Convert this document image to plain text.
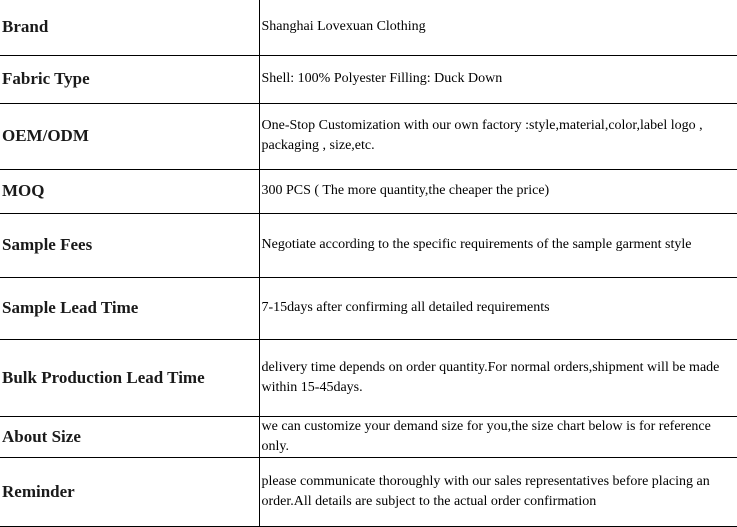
Brand	Shanghai Lovexuan Clothing
Fabric Type	Shell: 100% Polyester Filling: Duck Down
OEM/ODM	One-Stop Customization with our own factory :style,material,color,label logo , packaging , size,etc.
MOQ	300 PCS ( The more quantity,the cheaper the price)
Sample Fees	Negotiate according to the specific requirements of the sample garment style
Sample Lead Time	7-15days after confirming all detailed requirements
Bulk Production Lead Time	delivery time depends on order quantity.For normal orders,shipment will be made within 15-45days.
About Size	we can customize your demand size for you,the size chart below is for reference only.
Reminder	please communicate thoroughly with our sales representatives before placing an order.All details are subject to the actual order confirmation
